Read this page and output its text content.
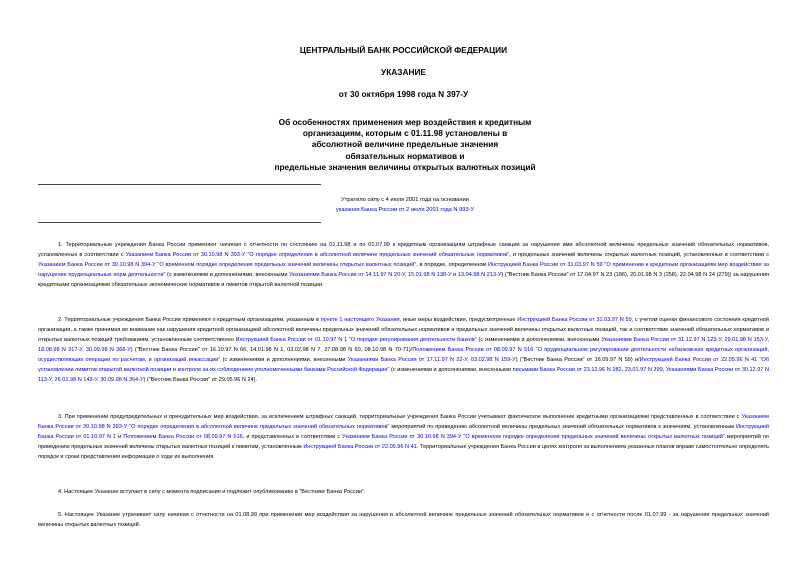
ЦЕНТРАЛЬНЫЙ БАНК РОССИЙСКОЙ ФЕДЕРАЦИИ
УКАЗАНИЕ
от 30 октября 1998 года N 397-У
Об особенностях применения мер воздействия к кредитным
организациям, которым с 01.11.98 установлены в
абсолютной величине предельные значения
обязательных нормативов и
предельные значения величины открытых валютных позиций
Утратило силу с 4 июля 2001 года на основании
указания Банка России от 2 июля 2001 года N 993-У

1. Территориальные учреждения Банка России применяют начиная с отчетности по состоянию на 01.11.98 и по 01.07.99 к кредитным организациям штрафные санкции за нарушения ими абсолютной величины предельных значений обязательных нормативов, установленных в соответствии с Указанием Банка России от 30.10.98 N 393-У "О порядке определения в абсолютной величине предельных значений обязательных нормативов", и предельных значений величины открытых валютных позиций, установленных в соответствии с Указанием Банка России от 30.10.98 N 394-У "О временном порядке определения предельных значений величины открытых валютных позиций", в порядке, определенном Инструкцией Банка России от 31.03.97 N 59 "О применении к кредитным организациям мер воздействия за нарушение пруденциальных норм деятельности" (с изменениями и дополнениями, внесенными Указаниями Банка России от 14.11.97 N 20-У, 15.01.98 N 138-У и 13.04.98 N 213-У) ("Вестник Банка России" от 17.04.97 N 23 (186), 20.01.98 N 3 (258), 22.04.98 N 24 (279)) за нарушения кредитными организациями обязательных экономических нормативов и лимитов открытой валютной позиции.

2. Территориальные учреждения Банка России применяют к кредитным организациям, указанным в пункте 1 настоящего Указания, иные меры воздействия, предусмотренные Инструкцией Банка России от 31.03.97 N 59, с учетом оценки финансового состояния кредитной организации, а также принимая во внимание как нарушения кредитной организацией абсолютной величины предельных значений обязательных нормативов и предельных значений величины открытых валютных позиций, так и соответствие значений обязательных нормативов и открытых валютных позиций требованиям, установленным соответственно Инструкцией Банка России от 01.10.97 N 1 "О порядке регулирования деятельности банков" (с изменениями и дополнениями, внесенными Указаниями Банка России от 31.12.97 N 123-У, 29.01.98 N 153-У, 18.08.98 N 317-У, 30.09.98 N 368-У) ("Вестник Банка России" от 16.10.97 N 66, 14.01.98 N 1, 03.02.98 N 7, 27.08.98 N 60, 08.10.98 N 70-71)/Положением Банка России от 08.09.97 N 516 "О пруденциальном регулировании деятельности небанковских кредитных организаций, осуществляющих операции по расчетам, и организаций инкассации" (с изменениями и дополнениями, внесенными Указаниями Банка России от 17.11.97 N 22-У, 03.02.98 N 159-У) ("Вестник Банка России" от 16.09.97 N 59) и/Инструкцией Банка России от 22.05.96 N 41 "Об установлении лимитов открытой валютной позиции и контроле за их соблюдением уполномоченными банками Российской Федерации" (с изменениями и дополнениями, внесенными письмами Банка России от 23.12.96 N 382, 23.01.97 N 399, Указаниями Банка России от 30.12.97 N 113-У, 26.01.98 N 143-У, 30.09.98 N 364-У) ("Вестник Банка России" от 29.05.96 N 24).

3. При применении предупредительных и принудительных мер воздействия, за исключением штрафных санкций, территориальные учреждения Банка России учитывают фактическое выполнение кредитными организациями представленных в соответствии с Указанием Банка России от 30.10.98 N 393-У "О порядке определения в абсолютной величине предельных значений обязательных нормативов" мероприятий по приведению абсолютной величины предельных значений обязательных нормативов к значениям, установленным Инструкцией Банка России от 01.10.97 N 1 и Положением Банка России от 08.09.97 N 516, и представленных в соответствии с Указанием Банка России от 30.10.98 N 394-У "О временном порядке определения предельных значений величины открытых валютных позиций" мероприятий по приведению предельных значений величины открытых валютных позиций к лимитам, установленным Инструкцией Банка России от 22.05.96 N 41. Территориальные учреждения Банка России в целях контроля за выполнением указанных планов вправе самостоятельно определять порядок и сроки представления информации о ходе их выполнения.

4. Настоящее Указание вступает в силу с момента подписания и подлежит опубликованию в "Вестнике Банка России".

5. Настоящее Указание утрачивает силу начиная с отчетности на 01.08.99 при применении мер воздействия за нарушения в абсолютной величине предельных значений обязательных нормативов и с отчетности после 01.07.99 - за нарушения предельных значений величины открытых валютных позиций.
